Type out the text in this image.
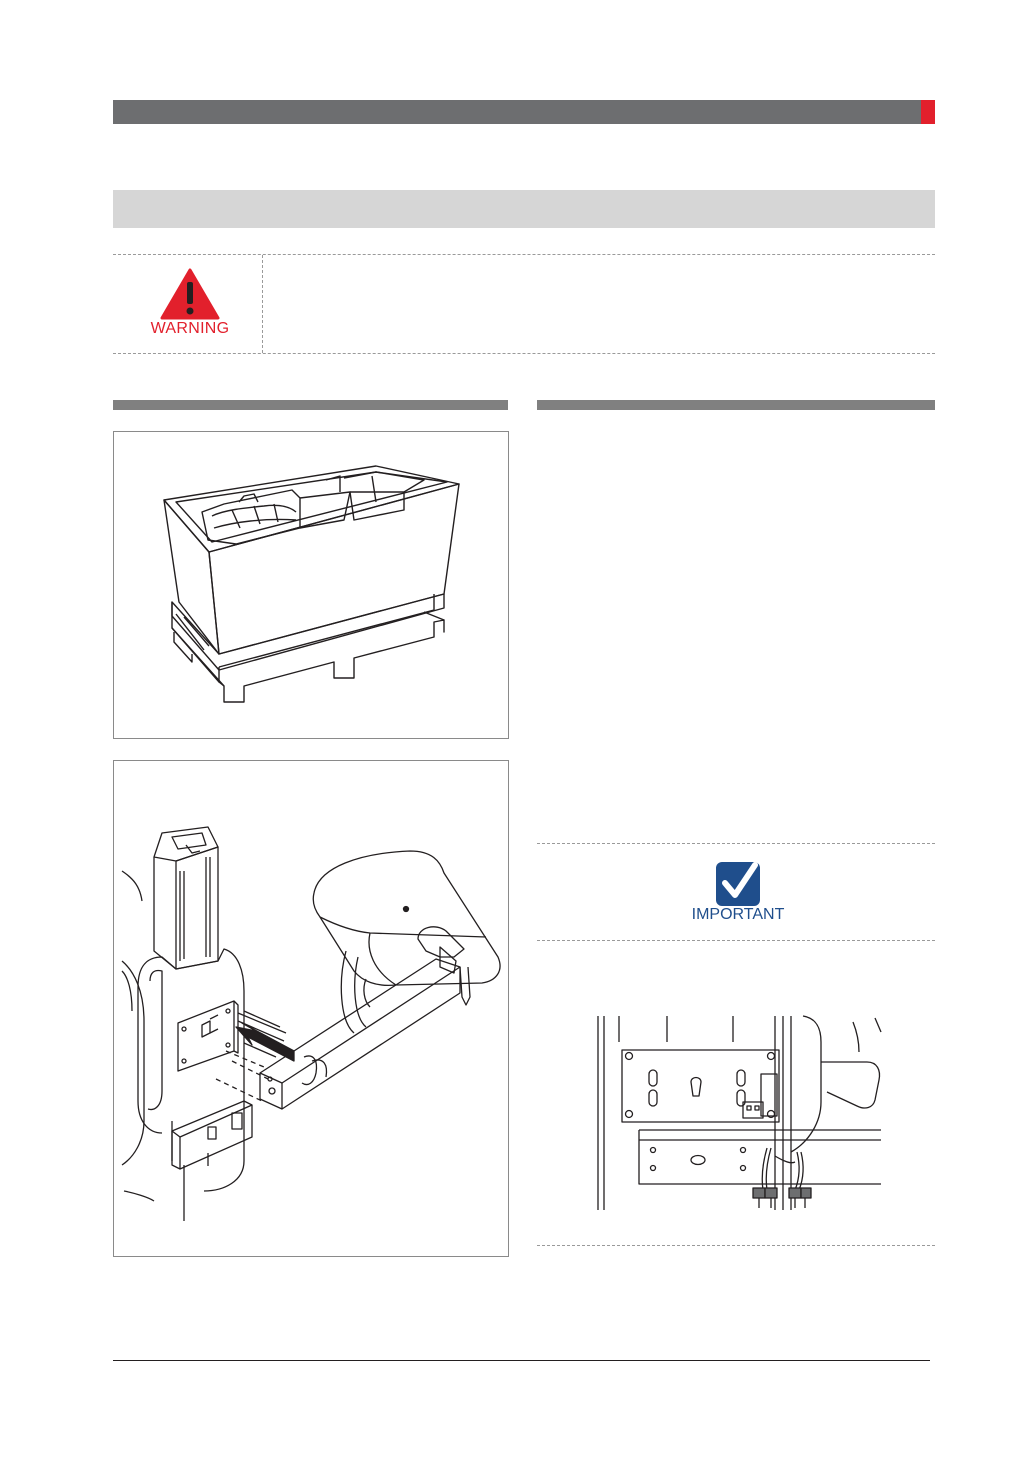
WARNING
IMPORTANT
